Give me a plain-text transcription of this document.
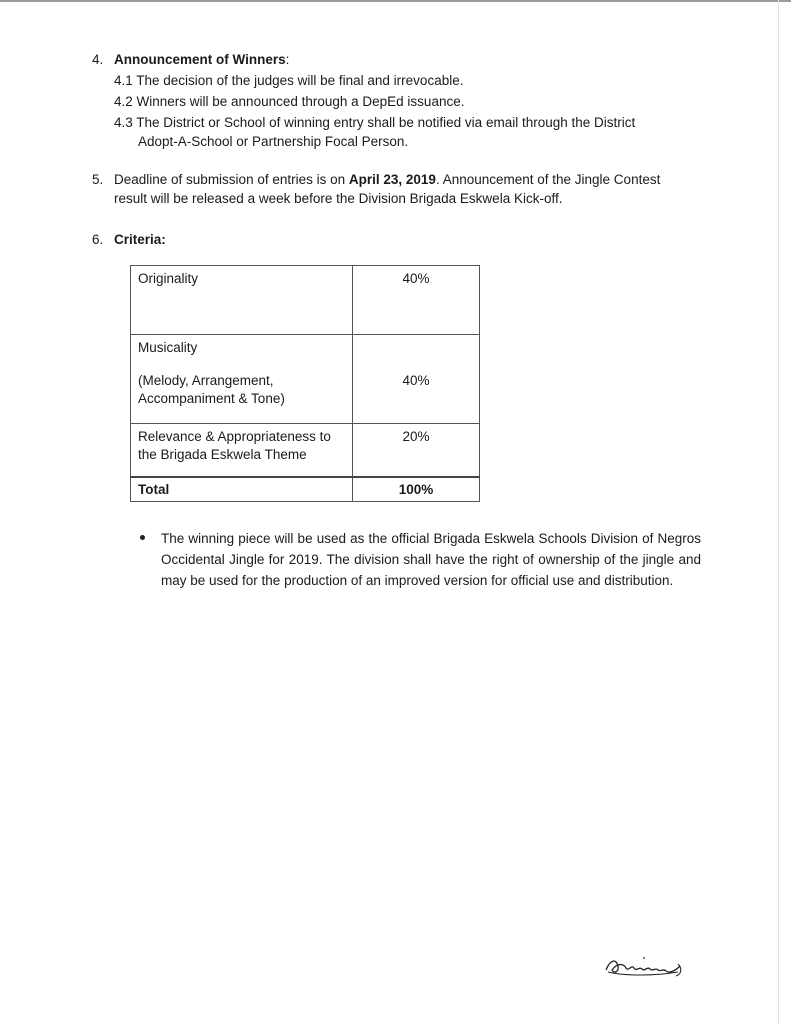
4. Announcement of Winners:
4.1 The decision of the judges will be final and irrevocable.
4.2 Winners will be announced through a DepEd issuance.
4.3 The District or School of winning entry shall be notified via email through the District
Adopt-A-School or Partnership Focal Person.
5. Deadline of submission of entries is on April 23, 2019. Announcement of the Jingle Contest
result will be released a week before the Division Brigada Eskwela Kick-off.
6. Criteria:
Originality	40%

Musicality
(Melody, Arrangement,
Accompaniment & Tone)	40%

Relevance & Appropriateness to
the Brigada Eskwela Theme	20%

Total	100%
The winning piece will be used as the official Brigada Eskwela Schools Division of Negros Occidental Jingle for 2019. The division shall have the right of ownership of the jingle and may be used for the production of an improved version for official use and distribution.
